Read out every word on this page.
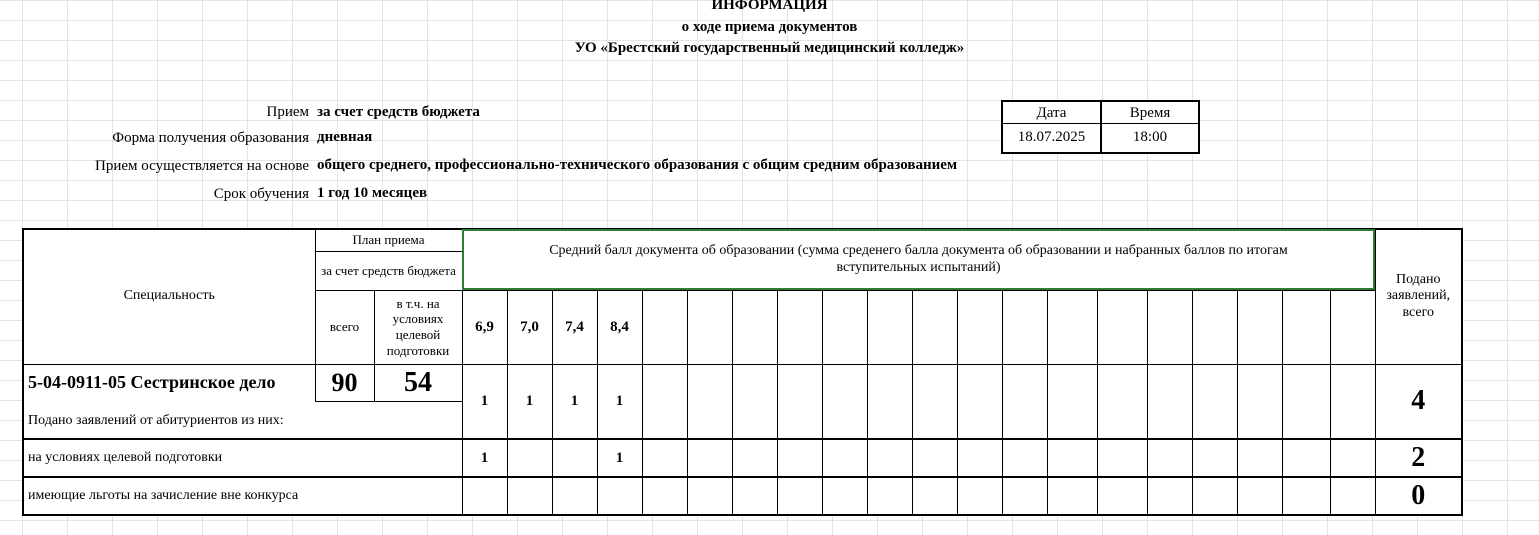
ИНФОРМАЦИЯ
о ходе приема документов
УО «Брестский государственный медицинский колледж»
Прием за счет средств бюджета
Форма получения образования дневная
Прием осуществляется на основе общего среднего, профессионально-технического образования с общим средним образованием
Срок обучения 1 год 10 месяцев
Дата	Время
18.07.2025	18:00
Специальность	План приема		Средний балл документа об образовании (сумма среденего балла документа об образовании и набранных баллов по итогам вступительных испытаний)																				Подано заявлений, всего
	за счет средств бюджета																						
	всего	в т.ч. на условиях целевой подготовки	6,9	7,0	7,4	8,4																	
5-04-0911-05 Сестринское дело	90	54	1	1	1	1																	4
Подано заявлений от абитуриентов из них:																							
на условиях целевой подготовки			1			1																	2
имеющие льготы на зачисление вне конкурса																							0
